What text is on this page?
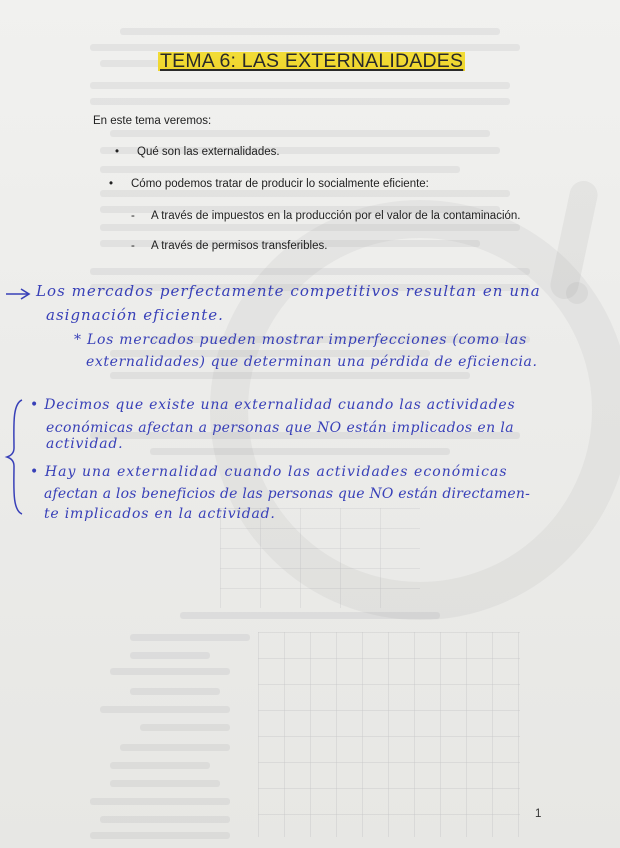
TEMA 6: LAS EXTERNALIDADES
En este tema veremos:
• Qué son las externalidades.
• Cómo podemos tratar de producir lo socialmente eficiente:
- A través de impuestos en la producción por el valor de la contaminación.
- A través de permisos transferibles.
Los mercados perfectamente competitivos resultan en una
asignación eficiente.
* Los mercados pueden mostrar imperfecciones (como las
externalidades) que determinan una pérdida de eficiencia.
• Decimos que existe una externalidad cuando las actividades
económicas afectan a personas que NO están implicados en la
actividad.
• Hay una externalidad cuando las actividades económicas
afectan a los beneficios de las personas que NO están directamen-
te implicados en la actividad.
1
